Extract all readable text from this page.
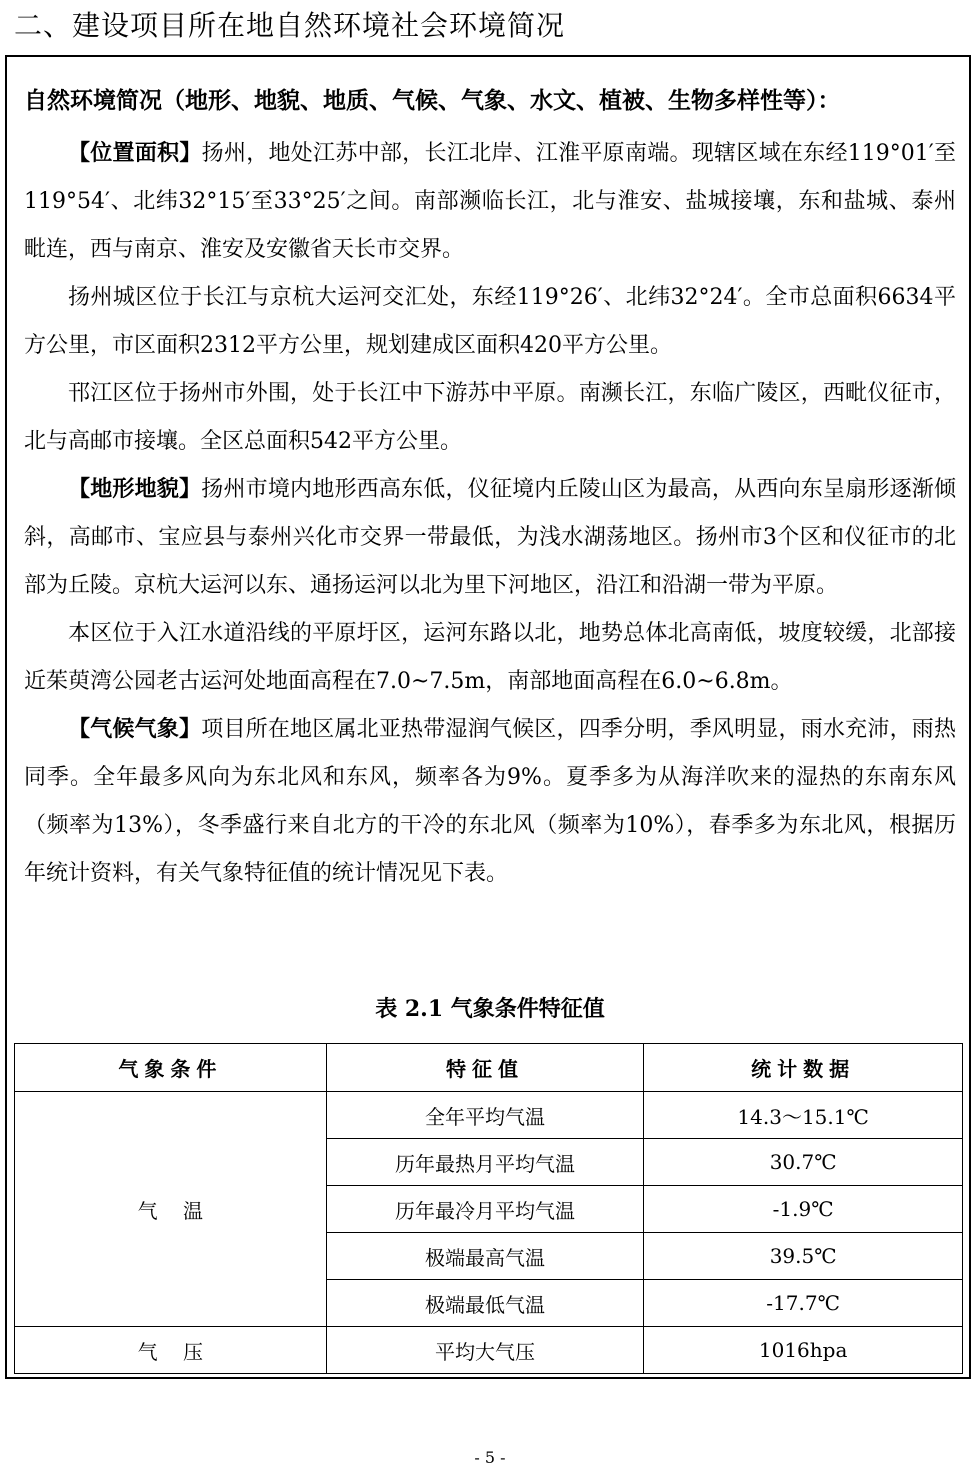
二、建设项目所在地自然环境社会环境简况
自然环境简况（地形、地貌、地质、气候、气象、水文、植被、生物多样性等）：

【位置面积】扬州，地处江苏中部，长江北岸、江淮平原南端。现辖区域在东经119°01′至119°54′、北纬32°15′至33°25′之间。南部濒临长江，北与淮安、盐城接壤，东和盐城、泰州毗连，西与南京、淮安及安徽省天长市交界。

扬州城区位于长江与京杭大运河交汇处，东经119°26′、北纬32°24′。全市总面积6634平方公里，市区面积2312平方公里，规划建成区面积420平方公里。

邗江区位于扬州市外围，处于长江中下游苏中平原。南濒长江，东临广陵区，西毗仪征市，北与高邮市接壤。全区总面积542平方公里。

【地形地貌】扬州市境内地形西高东低，仪征境内丘陵山区为最高，从西向东呈扇形逐渐倾斜，高邮市、宝应县与泰州兴化市交界一带最低，为浅水湖荡地区。扬州市3个区和仪征市的北部为丘陵。京杭大运河以东、通扬运河以北为里下河地区，沿江和沿湖一带为平原。

本区位于入江水道沿线的平原圩区，运河东路以北，地势总体北高南低，坡度较缓，北部接近茱萸湾公园老古运河处地面高程在7.0~7.5m，南部地面高程在6.0~6.8m。

【气候气象】项目所在地区属北亚热带湿润气候区，四季分明，季风明显，雨水充沛，雨热同季。全年最多风向为东北风和东风，频率各为9%。夏季多为从海洋吹来的湿热的东南东风（频率为13%），冬季盛行来自北方的干冷的东北风（频率为10%），春季多为东北风，根据历年统计资料，有关气象特征值的统计情况见下表。

表 2.1 气象条件特征值
气象条件	特征值	统计数据
气    温	全年平均气温	14.3～15.1℃
	历年最热月平均气温	30.7℃
	历年最冷月平均气温	-1.9℃
	极端最高气温	39.5℃
	极端最低气温	-17.7℃
气    压	平均大气压	1016hpa
- 5 -
